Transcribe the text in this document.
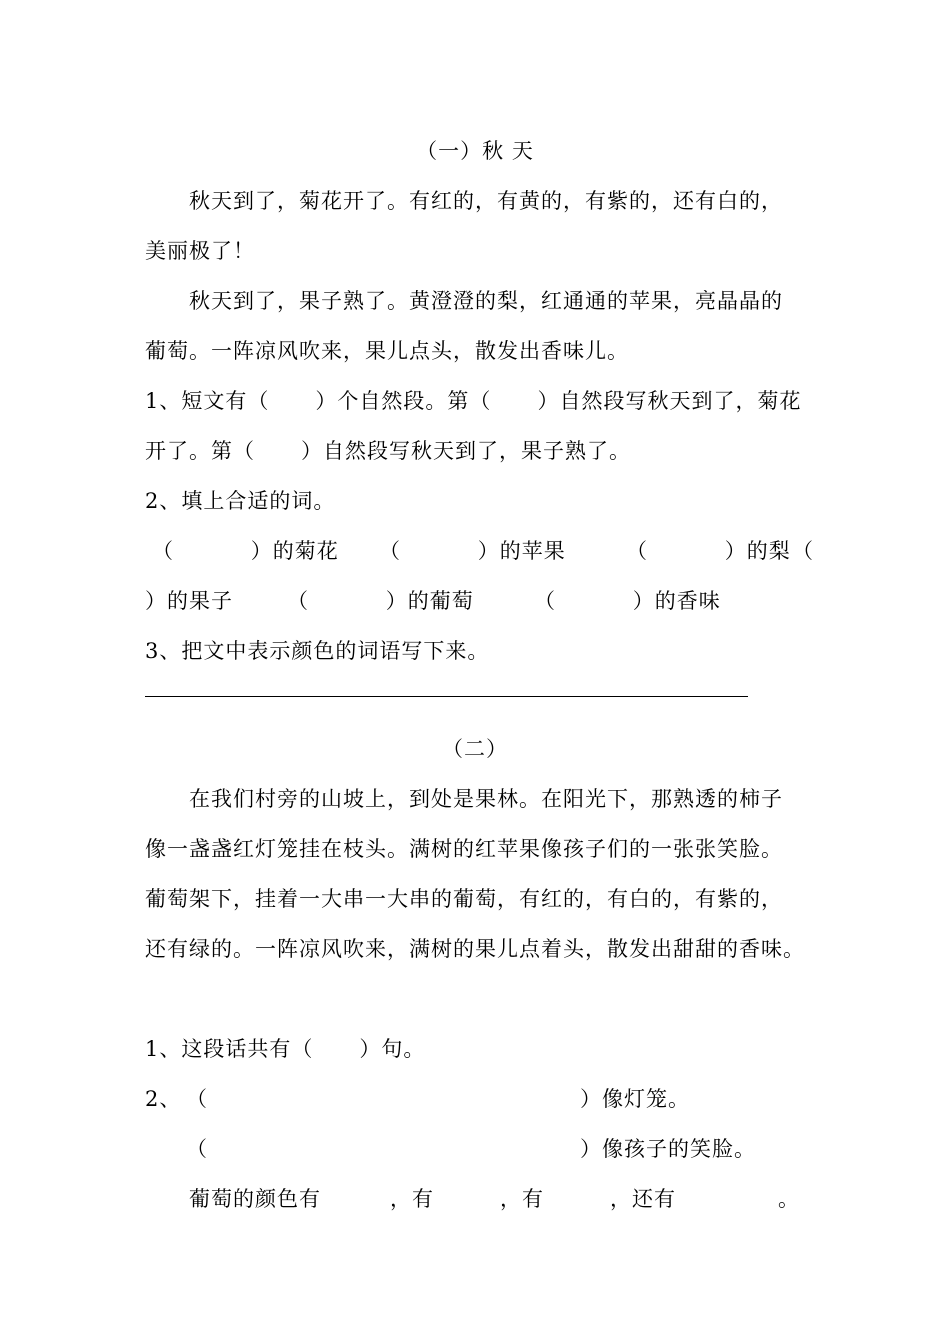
（一）秋 天
秋天到了，菊花开了。有红的，有黄的，有紫的，还有白的，
美丽极了！
秋天到了，果子熟了。黄澄澄的梨，红通通的苹果，亮晶晶的
葡萄。一阵凉风吹来，果儿点头，散发出香味儿。
1、短文有（      ）个自然段。第（      ）自然段写秋天到了，菊花
开了。第（      ）自然段写秋天到了，果子熟了。
2、填上合适的词。
（          ）的菊花 （          ）的苹果	（          ）的梨 （
）的果子	（          ）的葡萄	（          ）的香味
3、把文中表示颜色的词语写下来。
（二）
在我们村旁的山坡上，到处是果林。在阳光下，那熟透的柿子
像一盏盏红灯笼挂在枝头。满树的红苹果像孩子们的一张张笑脸。
葡萄架下，挂着一大串一大串的葡萄，有红的，有白的，有紫的，
还有绿的。一阵凉风吹来，满树的果儿点着头，散发出甜甜的香味。
1、这段话共有（      ）句。
2、 （	）像灯笼。
（	）像孩子的笑脸。
葡萄的颜色有	，有	，有	，还有	。
